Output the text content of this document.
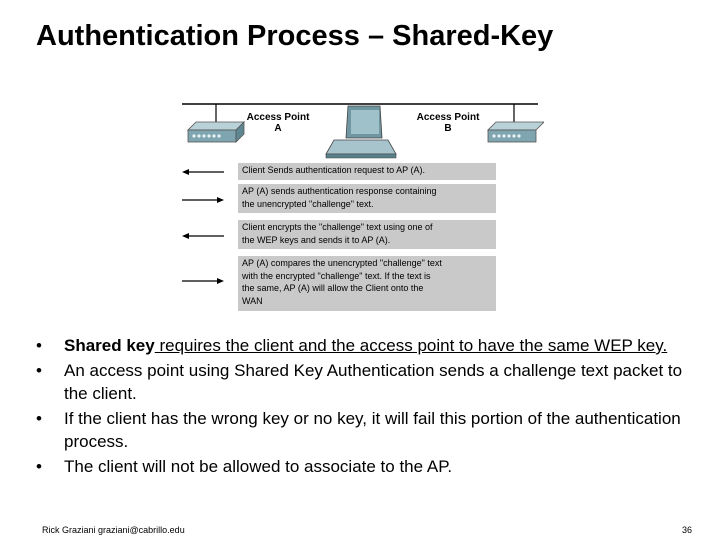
Authentication Process – Shared-Key
Access Point
A
Access Point
B
Client Sends authentication request to AP (A).
AP (A) sends authentication response containing
the unencrypted "challenge" text.
Client encrypts the "challenge" text using one of
the WEP keys and sends it to AP (A).
AP (A) compares the unencrypted "challenge" text
with the encrypted "challenge" text. If the text is
the same, AP (A) will allow the Client onto the
WAN
• Shared key requires the client and the access point to have the same WEP key.
• An access point using Shared Key Authentication sends a challenge text packet to the client.
• If the client has the wrong key or no key, it will fail this portion of the authentication process.
• The client will not be allowed to associate to the AP.
Rick Graziani graziani@cabrillo.edu	36
